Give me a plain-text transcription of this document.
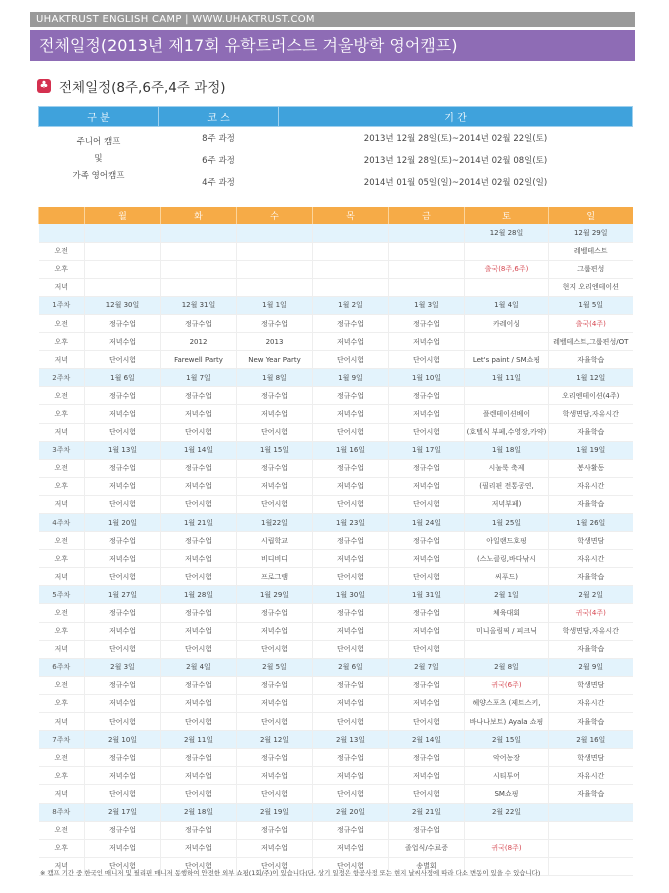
UHAKTRUST ENGLISH CAMP | WWW.UHAKTRUST.COM
전체일정(2013년 제17회 유학트러스트 겨울방학 영어캠프)
♣ 전체일정(8주,6주,4주 과정)
구 분	코 스	기 간

주니어 캠프
및
가족 영어캠프	8주 과정	2013년 12월 28일(토)~2014년 02월 22일(토)
	6주 과정	2013년 12월 28일(토)~2014년 02월 08일(토)
	4주 과정	2014년 01월 05일(일)~2014년 02월 02일(일)
	월	화	수	목	금	토	일
						12월 28일	12월 29일
오전							레벨테스트
오후						출국(8주,6주)	그룹편성
저녁							현지 오리엔테이션
1주차	12월 30일	12월 31일	1월 1일	1월 2일	1월 3일	1월 4일	1월 5일
오전	정규수업	정규수업	정규수업	정규수업	정규수업	카레이싱	출국(4주)
오후	저녁수업	2012	2013	저녁수업	저녁수업		레벨테스트,그룹편성/OT
저녁	단어시험	Farewell Party	New Year Party	단어시험	단어시험	Let's paint / SM쇼핑	자율학습
2주차	1월 6일	1월 7일	1월 8일	1월 9일	1월 10일	1월 11일	1월 12일
오전	정규수업	정규수업	정규수업	정규수업	정규수업		오리엔테이션(4주)
오후	저녁수업	저녁수업	저녁수업	저녁수업	저녁수업	플렌테이션베이	학생면담,자유시간
저녁	단어시험	단어시험	단어시험	단어시험	단어시험	(호텔식 부페,수영장,카약)	자율학습
3주차	1월 13일	1월 14일	1월 15일	1월 16일	1월 17일	1월 18일	1월 19일
오전	정규수업	정규수업	정규수업	정규수업	정규수업	시눌룩 축제	봉사활동
오후	저녁수업	저녁수업	저녁수업	저녁수업	저녁수업	(필리핀 전통공연,	자유시간
저녁	단어시험	단어시험	단어시험	단어시험	단어시험	저녁부페)	자율학습
4주차	1월 20일	1월 21일	1월22일	1월 23일	1월 24일	1월 25일	1월 26일
오전	정규수업	정규수업	시립학교	정규수업	정규수업	아일랜드호핑	학생면담
오후	저녁수업	저녁수업	비디비디	저녁수업	저녁수업	(스노클링,바다낚시	자유시간
저녁	단어시험	단어시험	프로그램	단어시험	단어시험	씨푸드)	자율학습
5주차	1월 27일	1월 28일	1월 29일	1월 30일	1월 31일	2월 1일	2월 2일
오전	정규수업	정규수업	정규수업	정규수업	정규수업	체육대회	귀국(4주)
오후	저녁수업	저녁수업	저녁수업	저녁수업	저녁수업	미니올림픽 / 피크닉	학생면담,자유시간
저녁	단어시험	단어시험	단어시험	단어시험	단어시험		자율학습
6주차	2월 3일	2월 4일	2월 5일	2월 6일	2월 7일	2월 8일	2월 9일
오전	정규수업	정규수업	정규수업	정규수업	정규수업	귀국(6주)	학생면담
오후	저녁수업	저녁수업	저녁수업	저녁수업	저녁수업	헤양스포츠 (제트스키,	자유시간
저녁	단어시험	단어시험	단어시험	단어시험	단어시험	바나나보트) Ayala 쇼핑	자율학습
7주차	2월 10일	2월 11일	2월 12일	2월 13일	2월 14일	2월 15일	2월 16일
오전	정규수업	정규수업	정규수업	정규수업	정규수업	악어농장	학생면담
오후	저녁수업	저녁수업	저녁수업	저녁수업	저녁수업	시티투어	자유시간
저녁	단어시험	단어시험	단어시험	단어시험	단어시험	SM쇼핑	자율학습
8주차	2월 17일	2월 18일	2월 19일	2월 20일	2월 21일	2월 22일	
오전	정규수업	정규수업	정규수업	정규수업	정규수업		
오후	저녁수업	저녁수업	저녁수업	저녁수업	졸업식/수료증	귀국(8주)	
저녁	단어시험	단어시험	단어시험	단어시험	송별회		
※ 캠프 기간 중 한국인 매니저 및 필리핀 매니저 동행하여 안전한 외부 쇼핑(1회/주)이 있습니다(단, 상기 일정은 항공사정 또는 현지 날씨사정에 따라 다소 변동이 있을 수 있습니다)
